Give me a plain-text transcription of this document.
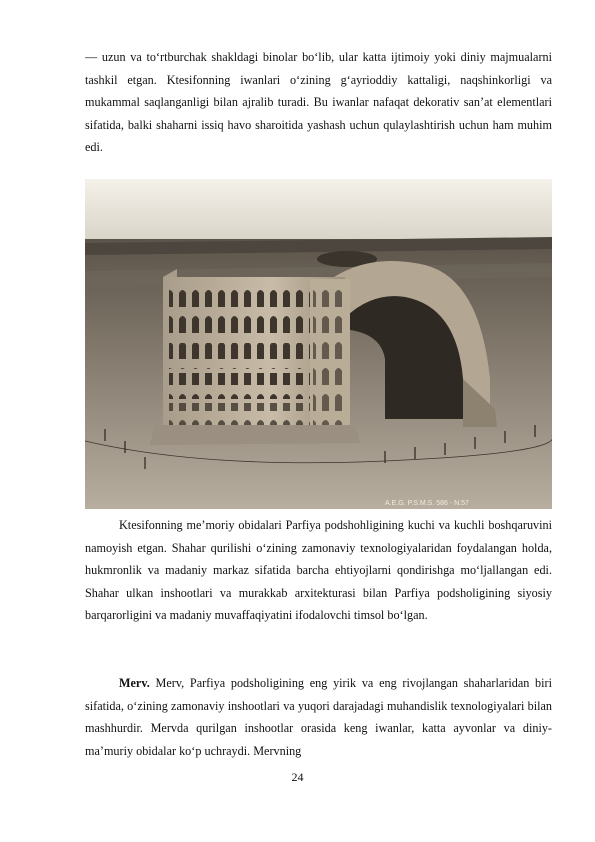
— uzun va to‘rtburchak shakldagi binolar bo‘lib, ular katta ijtimoiy yoki diniy majmualarni tashkil etgan. Ktesifonning iwanlari o‘zining g‘ayrioddiy kattaligi, naqshinkorligi va mukammal saqlanganligi bilan ajralib turadi. Bu iwanlar nafaqat dekorativ san’at elementlari sifatida, balki shaharni issiq havo sharoitida yashash uchun qulaylashtirish uchun ham muhim edi.

A.E.G. P.S.M.S. 586 - N.57

Ktesifonning me’moriy obidalari Parfiya podshohligining kuchi va kuchli boshqaruvini namoyish etgan. Shahar qurilishi o‘zining zamonaviy texnologiyalaridan foydalangan holda, hukmronlik va madaniy markaz sifatida barcha ehtiyojlarni qondirishga mo‘ljallangan edi. Shahar ulkan inshootlari va murakkab arxitekturasi bilan Parfiya podsholigining siyosiy barqarorligini va madaniy muvaffaqiyatini ifodalovchi timsol bo‘lgan.

Merv. Merv, Parfiya podsholigining eng yirik va eng rivojlangan shaharlaridan biri sifatida, o‘zining zamonaviy inshootlari va yuqori darajadagi muhandislik texnologiyalari bilan mashhurdir. Mervda qurilgan inshootlar orasida keng iwanlar, katta ayvonlar va diniy-ma’muriy obidalar ko‘p uchraydi. Mervning

24
